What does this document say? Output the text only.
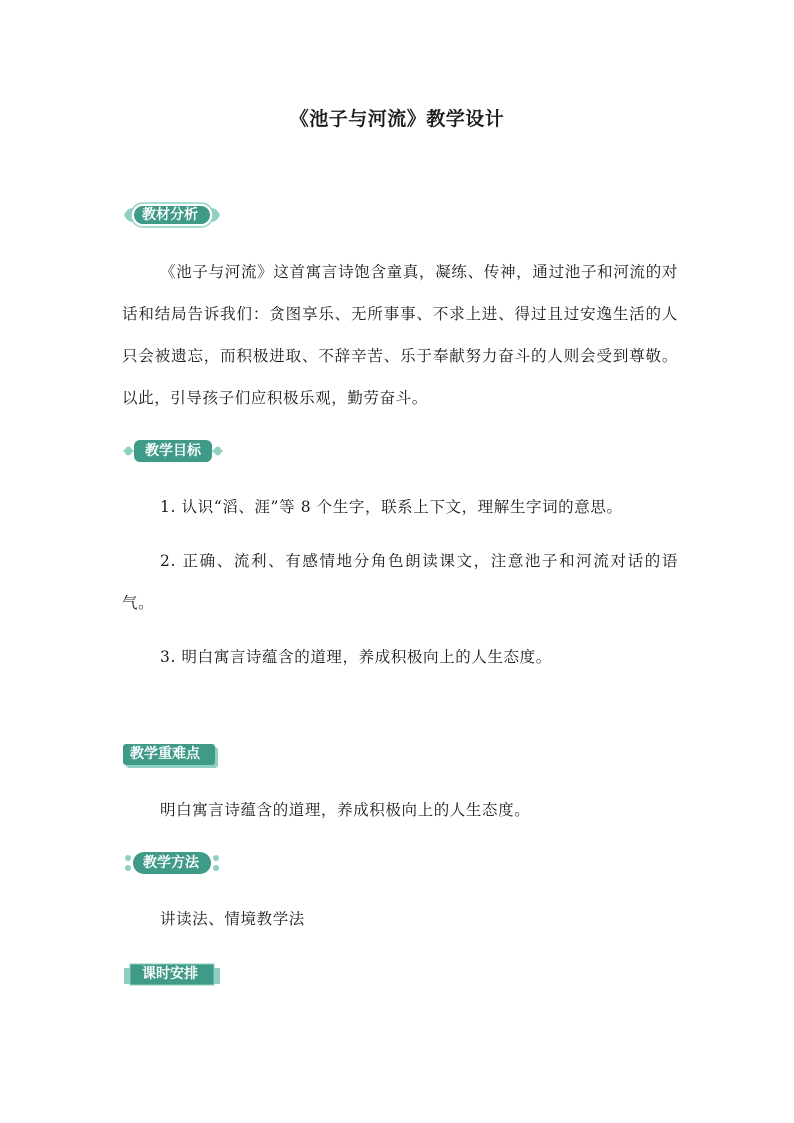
《池子与河流》教学设计
教材分析

《池子与河流》这首寓言诗饱含童真，凝练、传神，通过池子和河流的对话和结局告诉我们：贪图享乐、无所事事、不求上进、得过且过安逸生活的人只会被遗忘，而积极进取、不辞辛苦、乐于奉献努力奋斗的人则会受到尊敬。以此，引导孩子们应积极乐观，勤劳奋斗。

教学目标

1. 认识“滔、涯”等 8 个生字，联系上下文，理解生字词的意思。

2. 正确、流利、有感情地分角色朗读课文，注意池子和河流对话的语气。

3. 明白寓言诗蕴含的道理，养成积极向上的人生态度。

教学重难点

明白寓言诗蕴含的道理，养成积极向上的人生态度。

教学方法

讲读法、情境教学法

课时安排
